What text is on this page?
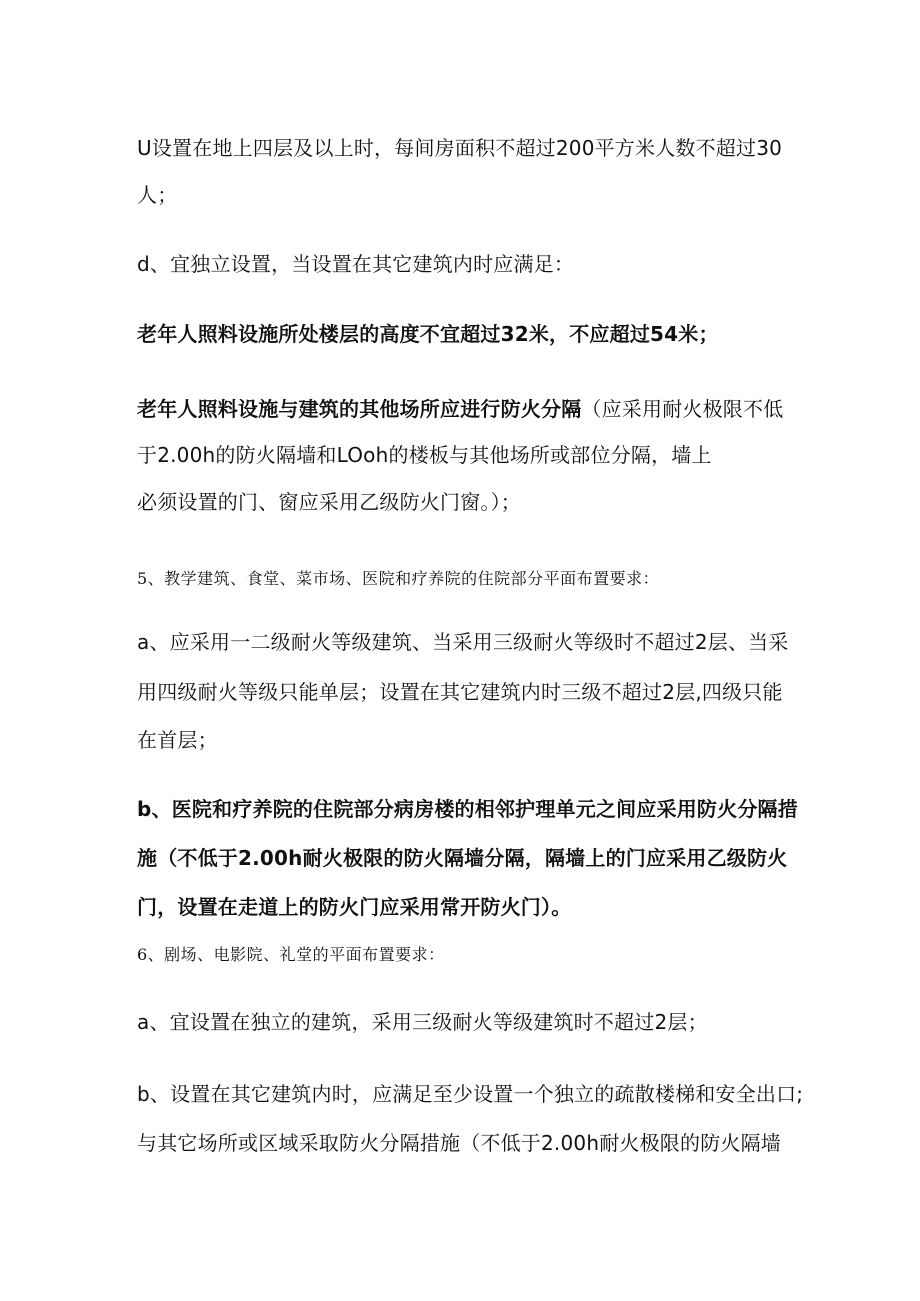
U设置在地上四层及以上时，每间房面积不超过200平方米人数不超过30
人；
d、宜独立设置，当设置在其它建筑内时应满足：
老年人照料设施所处楼层的高度不宜超过32米，不应超过54米；
老年人照料设施与建筑的其他场所应进行防火分隔（应采用耐火极限不低
于2.00h的防火隔墙和LOoh的楼板与其他场所或部位分隔，墙上
必须设置的门、窗应采用乙级防火门窗。）；
5、教学建筑、食堂、菜市场、医院和疗养院的住院部分平面布置要求：
a、应采用一二级耐火等级建筑、当采用三级耐火等级时不超过2层、当采
用四级耐火等级只能单层；设置在其它建筑内时三级不超过2层,四级只能
在首层；
b、医院和疗养院的住院部分病房楼的相邻护理单元之间应采用防火分隔措
施（不低于2.00h耐火极限的防火隔墙分隔，隔墙上的门应采用乙级防火
门，设置在走道上的防火门应采用常开防火门）。
6、剧场、电影院、礼堂的平面布置要求：
a、宜设置在独立的建筑，采用三级耐火等级建筑时不超过2层；
b、设置在其它建筑内时，应满足至少设置一个独立的疏散楼梯和安全出口;
与其它场所或区域采取防火分隔措施（不低于2.00h耐火极限的防火隔墙
